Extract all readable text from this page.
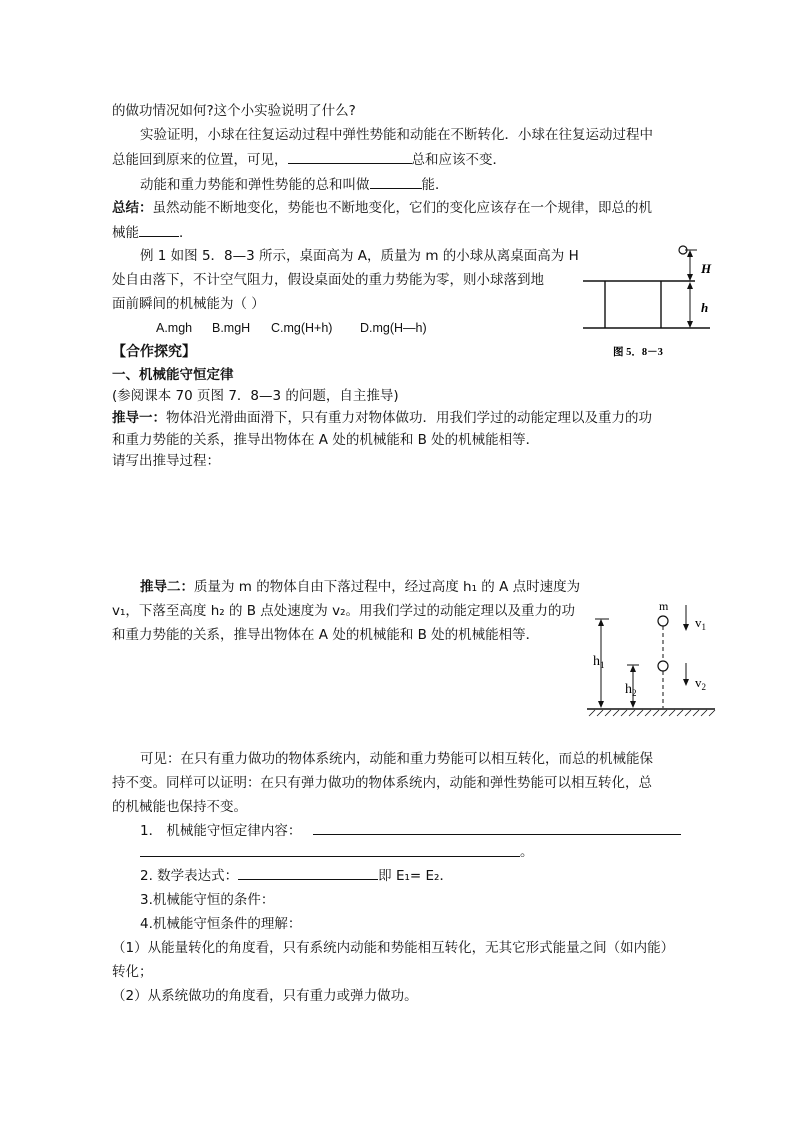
的做功情况如何?这个小实验说明了什么?
实验证明，小球在往复运动过程中弹性势能和动能在不断转化．小球在往复运动过程中
总能回到原来的位置，可见，	总和应该不变．
动能和重力势能和弹性势能的总和叫做	能．
总结：虽然动能不断地变化，势能也不断地变化，它们的变化应该存在一个规律，即总的机
械能	．
例 1 如图 5．8—3 所示，桌面高为 A，质量为 m 的小球从离桌面高为 H
处自由落下，不计空气阻力，假设桌面处的重力势能为零，则小球落到地
面前瞬间的机械能为（ ）
A.mgh B.mgH C.mg(H+h) D.mg(H—h)
H
h
图 5．8－3
【合作探究】
一、机械能守恒定律
(参阅课本 70 页图 7．8—3 的问题，自主推导)
推导一：物体沿光滑曲面滑下，只有重力对物体做功．用我们学过的动能定理以及重力的功
和重力势能的关系，推导出物体在 A 处的机械能和 B 处的机械能相等．
请写出推导过程：
推导二：质量为 m 的物体自由下落过程中，经过高度 h₁ 的 A 点时速度为
v₁，下落至高度 h₂ 的 B 点处速度为 v₂。用我们学过的动能定理以及重力的功
和重力势能的关系，推导出物体在 A 处的机械能和 B 处的机械能相等．
m
$v_1$
$v_2$
$h_1$
$h_2$
可见：在只有重力做功的物体系统内，动能和重力势能可以相互转化，而总的机械能保
持不变。同样可以证明：在只有弹力做功的物体系统内，动能和弹性势能可以相互转化，总
的机械能也保持不变。
1． 机械能守恒定律内容：
。
2. 数学表达式：	即 E₁= E₂．
3.机械能守恒的条件：
4.机械能守恒条件的理解：
（1）从能量转化的角度看，只有系统内动能和势能相互转化，无其它形式能量之间（如内能）
转化；
（2）从系统做功的角度看，只有重力或弹力做功。
